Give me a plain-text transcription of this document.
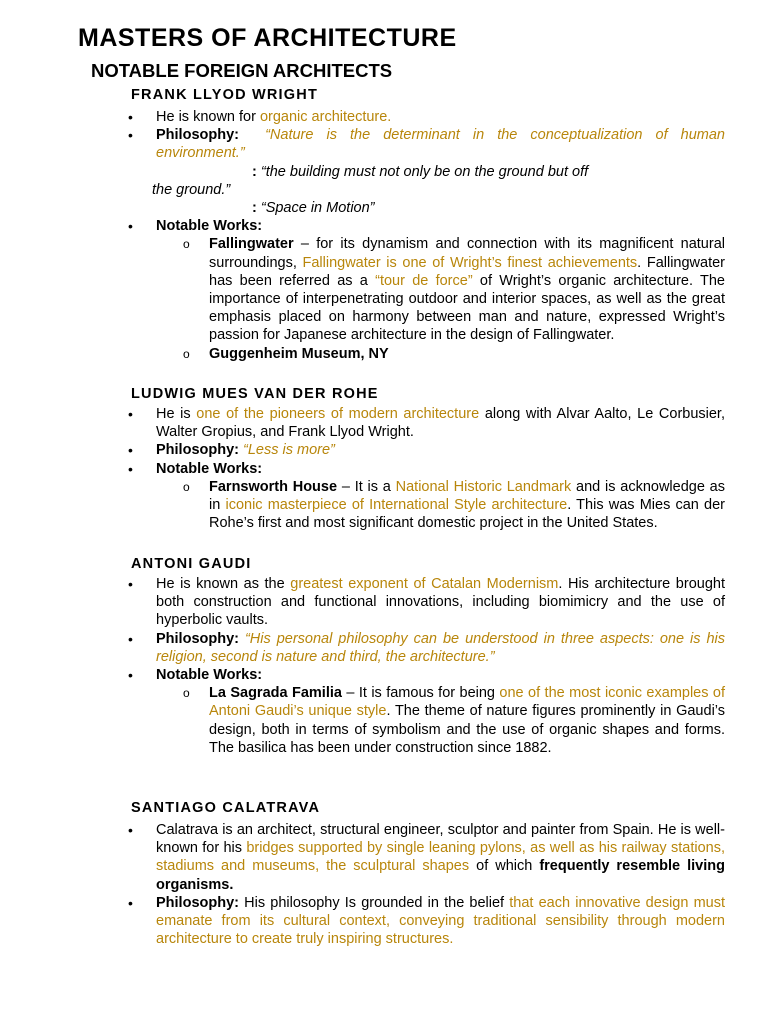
MASTERS OF ARCHITECTURE
NOTABLE FOREIGN ARCHITECTS
FRANK LLYOD WRIGHT
• He is known for organic architecture.
• Philosophy: “Nature is the determinant in the conceptualization of human environment.”
: “the building must not only be on the ground but off
the ground.”
: “Space in Motion”
• Notable Works:
o Fallingwater – for its dynamism and connection with its magnificent natural surroundings, Fallingwater is one of Wright’s finest achievements. Fallingwater has been referred as a “tour de force” of Wright’s organic architecture. The importance of interpenetrating outdoor and interior spaces, as well as the great emphasis placed on harmony between man and nature, expressed Wright’s passion for Japanese architecture in the design of Fallingwater.
o Guggenheim Museum, NY
LUDWIG MUES VAN DER ROHE
• He is one of the pioneers of modern architecture along with Alvar Aalto, Le Corbusier, Walter Gropius, and Frank Llyod Wright.
• Philosophy: “Less is more”
• Notable Works:
o Farnsworth House – It is a National Historic Landmark and is acknowledge as in iconic masterpiece of International Style architecture. This was Mies can der Rohe’s first and most significant domestic project in the United States.
ANTONI GAUDI
• He is known as the greatest exponent of Catalan Modernism. His architecture brought both construction and functional innovations, including biomimicry and the use of hyperbolic vaults.
• Philosophy: “His personal philosophy can be understood in three aspects: one is his religion, second is nature and third, the architecture.”
• Notable Works:
o La Sagrada Familia – It is famous for being one of the most iconic examples of Antoni Gaudi’s unique style. The theme of nature figures prominently in Gaudi’s design, both in terms of symbolism and the use of organic shapes and forms. The basilica has been under construction since 1882.
SANTIAGO CALATRAVA
• Calatrava is an architect, structural engineer, sculptor and painter from Spain. He is well-known for his bridges supported by single leaning pylons, as well as his railway stations, stadiums and museums, the sculptural shapes of which frequently resemble living organisms.
• Philosophy: His philosophy Is grounded in the belief that each innovative design must emanate from its cultural context, conveying traditional sensibility through modern architecture to create truly inspiring structures.
